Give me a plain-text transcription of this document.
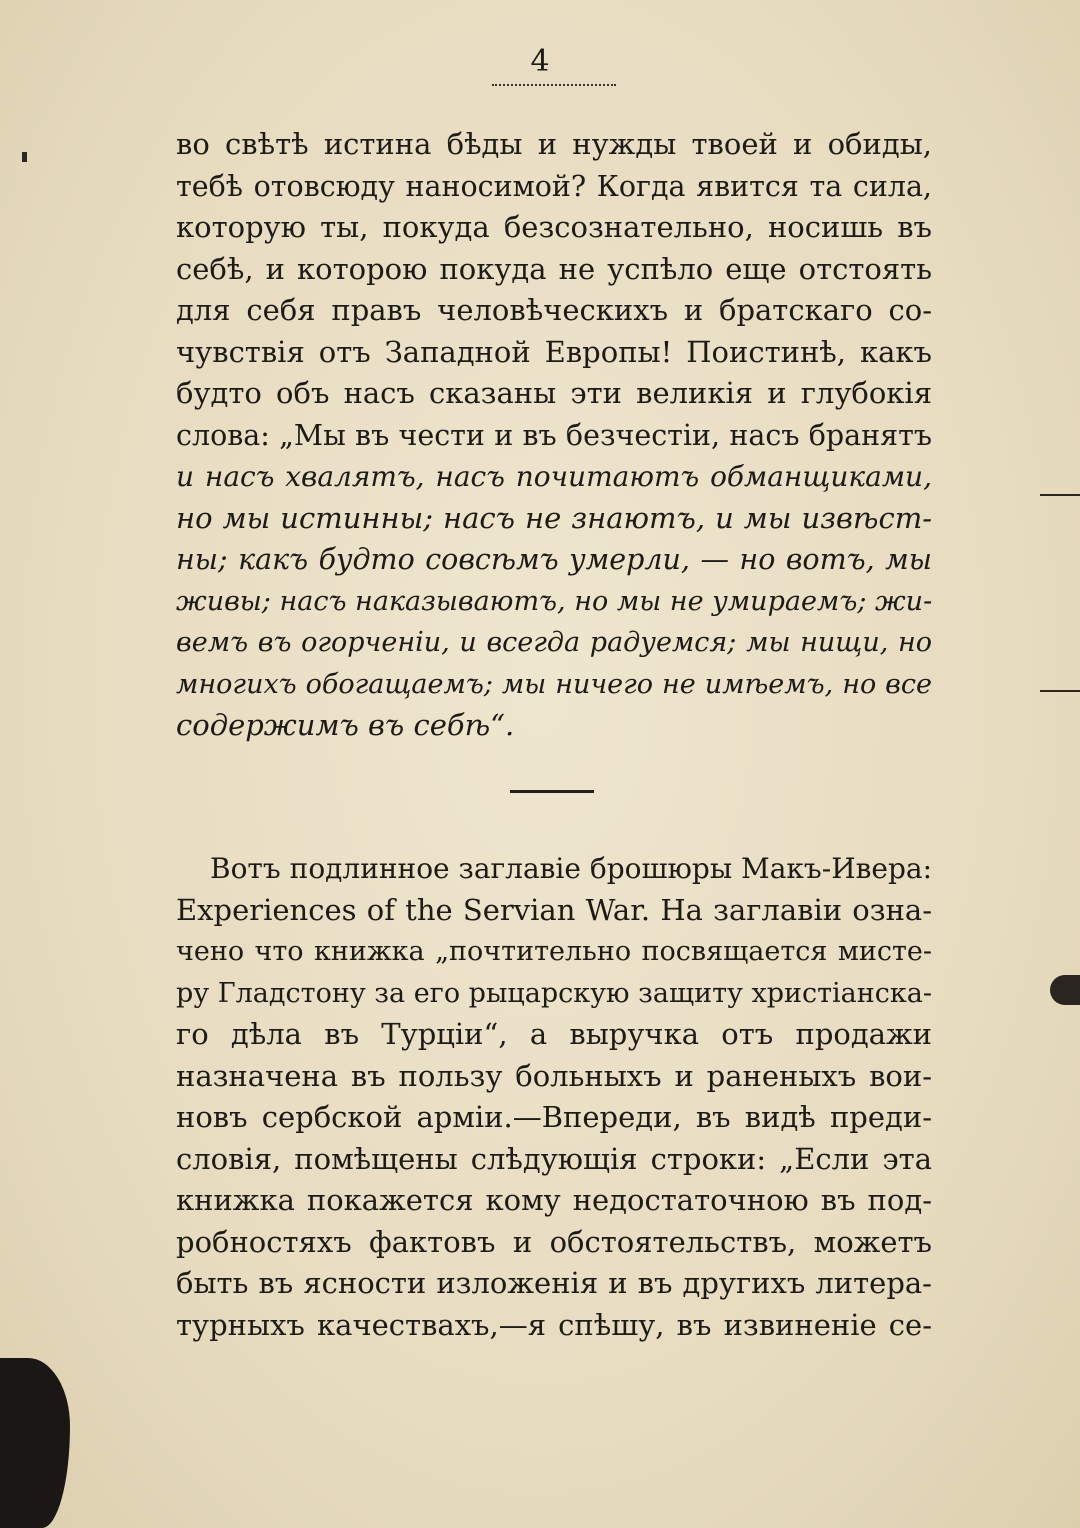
4
во свѣтѣ истина бѣды и нужды твоей и обиды,
тебѣ отовсюду наносимой? Когда явится та сила,
которую ты, покуда безсознательно, носишь въ
себѣ, и которою покуда не успѣло еще отстоять
для себя правъ человѣческихъ и братскаго со-
чувствія отъ Западной Европы! Поистинѣ, какъ
будто объ насъ сказаны эти великія и глубокія
слова: „Мы въ чести и въ безчестіи, насъ бранятъ
и насъ хвалятъ, насъ почитаютъ обманщиками,
но мы истинны; насъ не знаютъ, и мы извѣст-
ны; какъ будто совсѣмъ умерли, — но вотъ, мы
живы; насъ наказываютъ, но мы не умираемъ; жи-
вемъ въ огорченіи, и всегда радуемся; мы нищи, но
многихъ обогащаемъ; мы ничего не имѣемъ, но все
содержимъ въ себѣ“.
Вотъ подлинное заглавіе брошюры Макъ-Ивера:
Experiences of the Servian War. На заглавіи озна-
чено что книжка „почтительно посвящается мисте-
ру Гладстону за его рыцарскую защиту христіанска-
го дѣла въ Турціи“, а выручка отъ продажи
назначена въ пользу больныхъ и раненыхъ вои-
новъ сербской арміи.—Впереди, въ видѣ преди-
словія, помѣщены слѣдующія строки: „Если эта
книжка покажется кому недостаточною въ под-
робностяхъ фактовъ и обстоятельствъ, можетъ
быть въ ясности изложенія и въ другихъ литера-
турныхъ качествахъ,—я спѣшу, въ извиненіе се-
